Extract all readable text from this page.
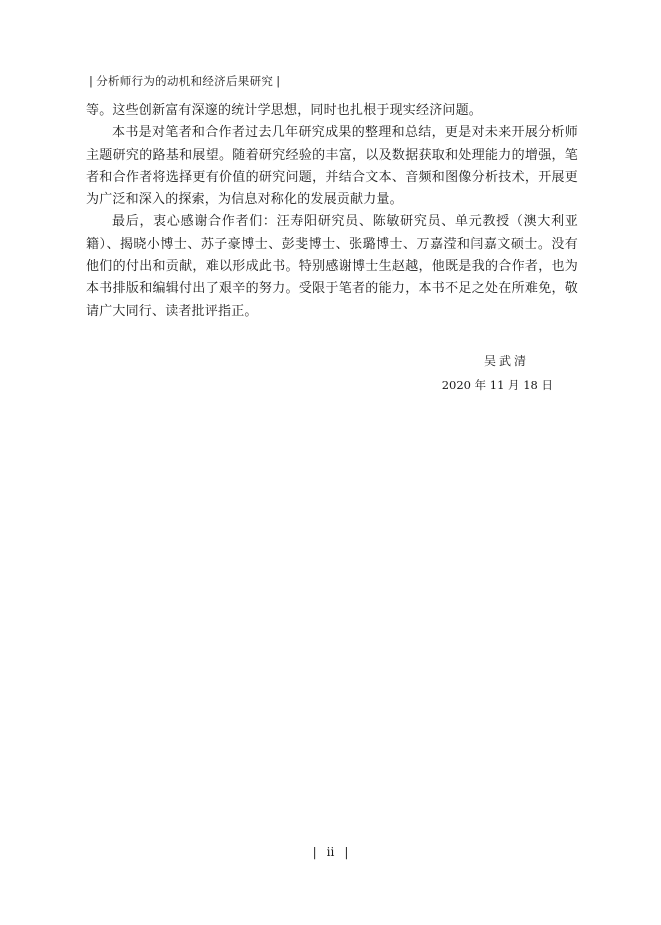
| 分析师行为的动机和经济后果研究 |

等。这些创新富有深邃的统计学思想，同时也扎根于现实经济问题。

本书是对笔者和合作者过去几年研究成果的整理和总结，更是对未来开展分析师主题研究的路基和展望。随着研究经验的丰富，以及数据获取和处理能力的增强，笔者和合作者将选择更有价值的研究问题，并结合文本、音频和图像分析技术，开展更为广泛和深入的探索，为信息对称化的发展贡献力量。

最后，衷心感谢合作者们：汪寿阳研究员、陈敏研究员、单元教授（澳大利亚籍）、揭晓小博士、苏子豪博士、彭斐博士、张璐博士、万嘉滢和闫嘉文硕士。没有他们的付出和贡献，难以形成此书。特别感谢博士生赵越，他既是我的合作者，也为本书排版和编辑付出了艰辛的努力。受限于笔者的能力，本书不足之处在所难免，敬请广大同行、读者批评指正。

吴武清
2020 年 11 月 18 日
| ii |
